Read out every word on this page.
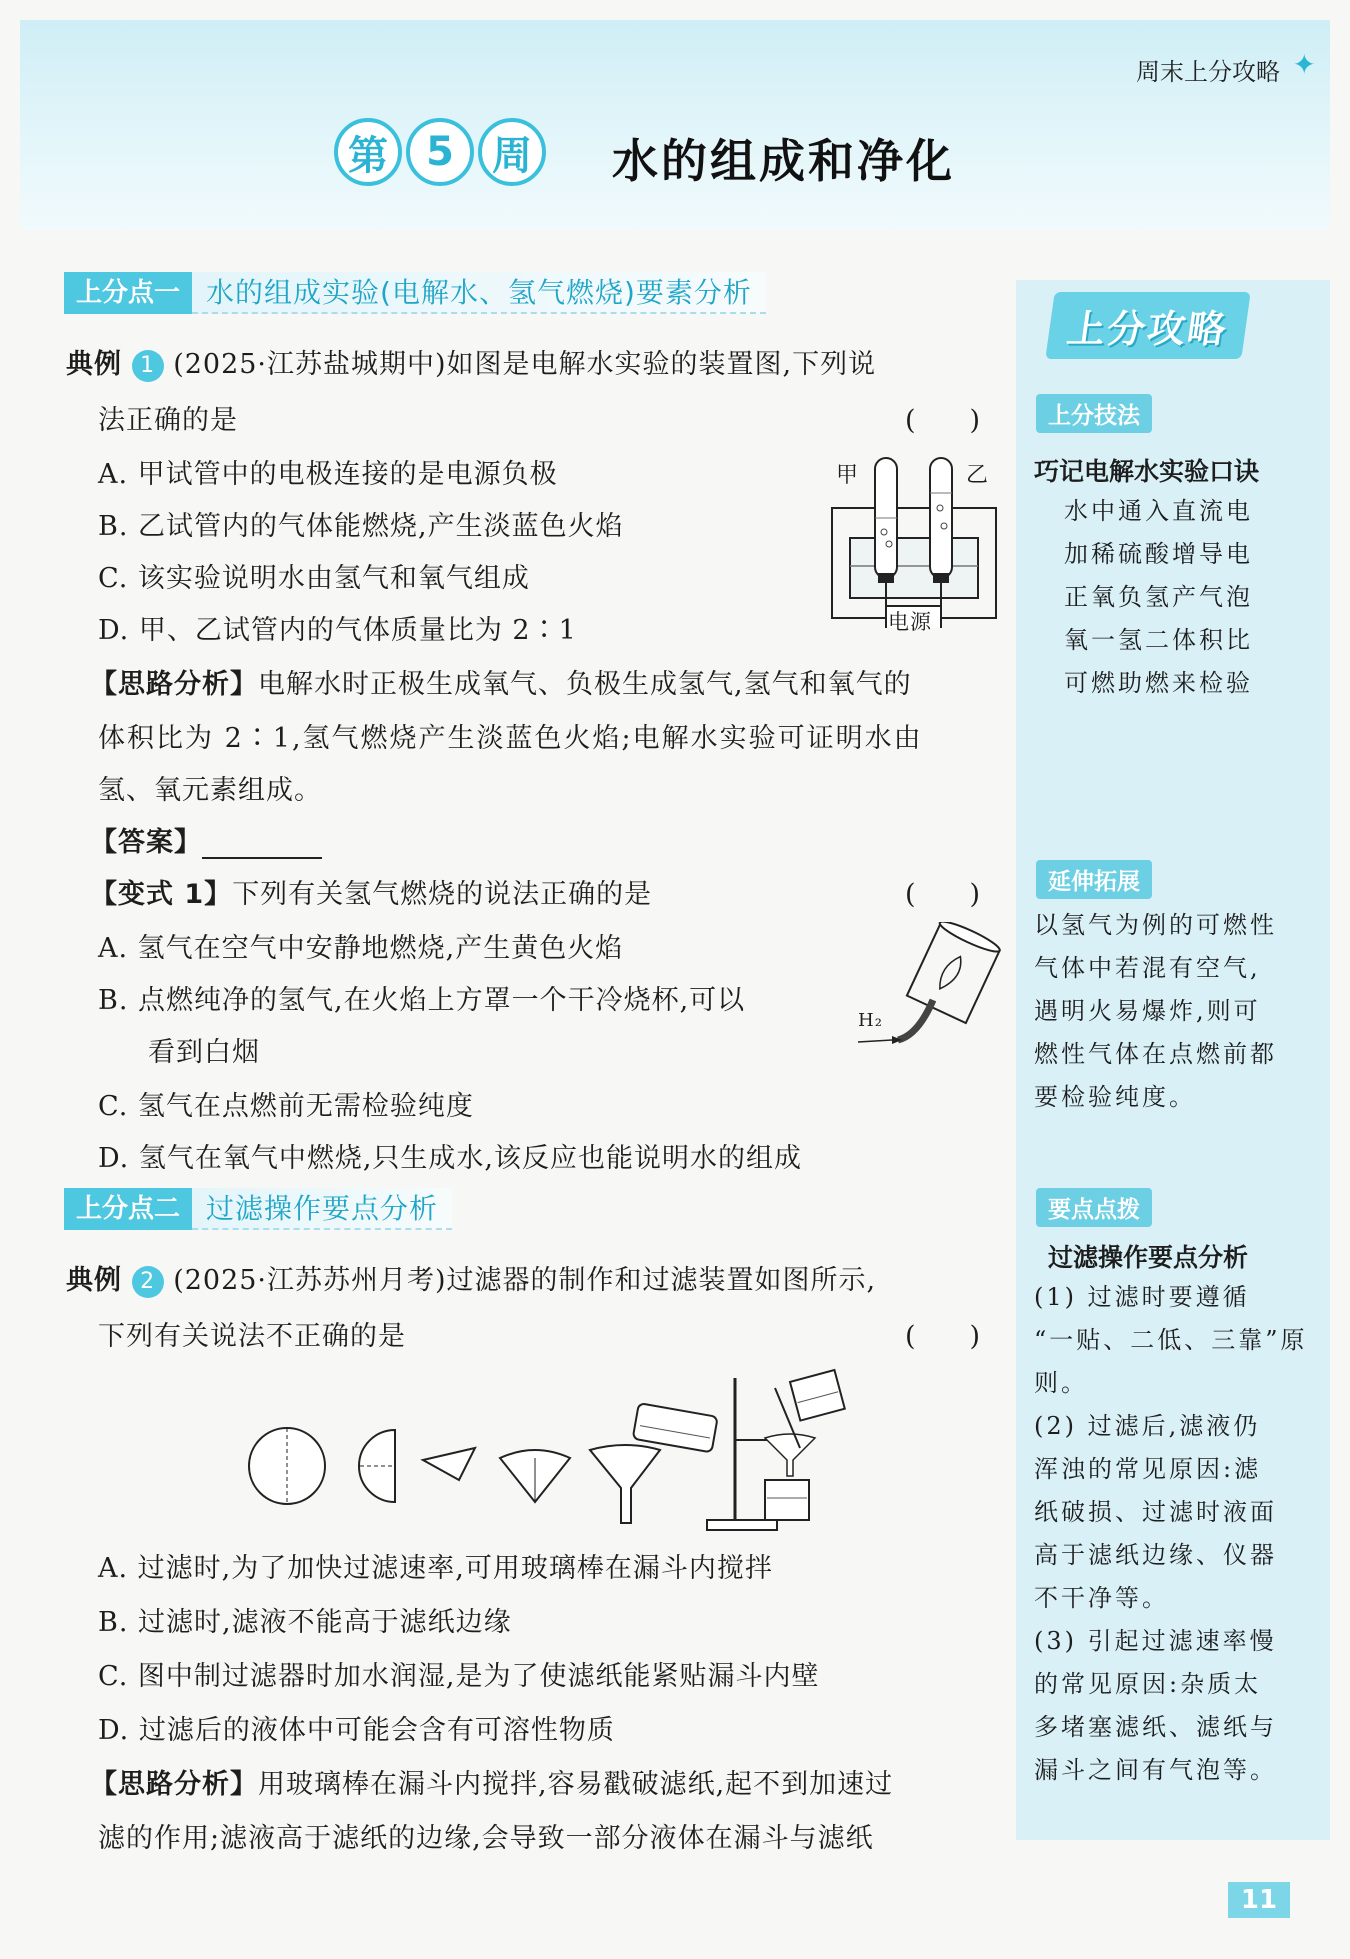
周末上分攻略 ✦
第 5 周	水的组成和净化
上分点一 水的组成实验(电解水、氢气燃烧)要素分析
典例 1 (2025·江苏盐城期中)如图是电解水实验的装置图,下列说
法正确的是	(　　)
A. 甲试管中的电极连接的是电源负极
B. 乙试管内的气体能燃烧,产生淡蓝色火焰
C. 该实验说明水由氢气和氧气组成
D. 甲、乙试管内的气体质量比为 2∶1
甲	乙
电源
【思路分析】电解水时正极生成氧气、负极生成氢气,氢气和氧气的
体积比为 2∶1,氢气燃烧产生淡蓝色火焰;电解水实验可证明水由
氢、氧元素组成。
【答案】
【变式 1】下列有关氢气燃烧的说法正确的是	(　　)
A. 氢气在空气中安静地燃烧,产生黄色火焰
B. 点燃纯净的氢气,在火焰上方罩一个干冷烧杯,可以
看到白烟
C. 氢气在点燃前无需检验纯度
D. 氢气在氧气中燃烧,只生成水,该反应也能说明水的组成
H₂
上分点二 过滤操作要点分析
典例 2 (2025·江苏苏州月考)过滤器的制作和过滤装置如图所示,
下列有关说法不正确的是	(　　)
A. 过滤时,为了加快过滤速率,可用玻璃棒在漏斗内搅拌
B. 过滤时,滤液不能高于滤纸边缘
C. 图中制过滤器时加水润湿,是为了使滤纸能紧贴漏斗内壁
D. 过滤后的液体中可能会含有可溶性物质
【思路分析】用玻璃棒在漏斗内搅拌,容易戳破滤纸,起不到加速过
滤的作用;滤液高于滤纸的边缘,会导致一部分液体在漏斗与滤纸
上分攻略
上分技法
巧记电解水实验口诀
水中通入直流电
加稀硫酸增导电
正氧负氢产气泡
氧一氢二体积比
可燃助燃来检验
延伸拓展
以氢气为例的可燃性
气体中若混有空气,
遇明火易爆炸,则可
燃性气体在点燃前都
要检验纯度。
要点点拨
过滤操作要点分析
(1) 过滤时要遵循
“一贴、二低、三靠”原
则。
(2) 过滤后,滤液仍
浑浊的常见原因:滤
纸破损、过滤时液面
高于滤纸边缘、仪器
不干净等。
(3) 引起过滤速率慢
的常见原因:杂质太
多堵塞滤纸、滤纸与
漏斗之间有气泡等。
11
